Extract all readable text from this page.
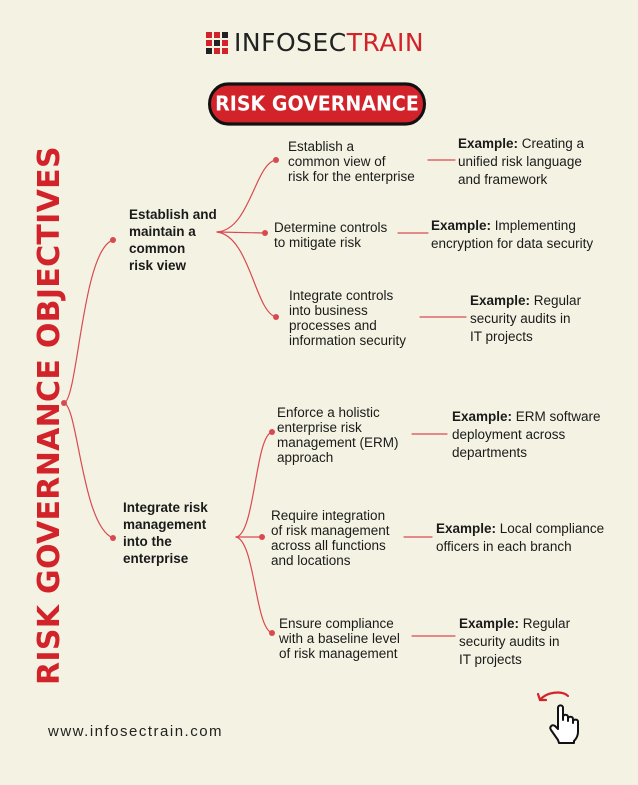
INFOSECTRAIN
RISK GOVERNANCE
RISK GOVERNANCE OBJECTIVES	Establish and
maintain a
common
risk view
Establish a
common view of
risk for the enterprise
Determine controls
to mitigate risk
Integrate controls
into business
processes and
information security
Example: Creating a
unified risk language
and framework
Example: Implementing
encryption for data security
Example: Regular
security audits in
IT projects
Integrate risk
management
into the
enterprise
Enforce a holistic
enterprise risk
management (ERM)
approach
Require integration
of risk management
across all functions
and locations
Ensure compliance
with a baseline level
of risk management
Example: ERM software
deployment across
departments
Example: Local compliance
officers in each branch
Example: Regular
security audits in
IT projects
www.infosectrain.com
